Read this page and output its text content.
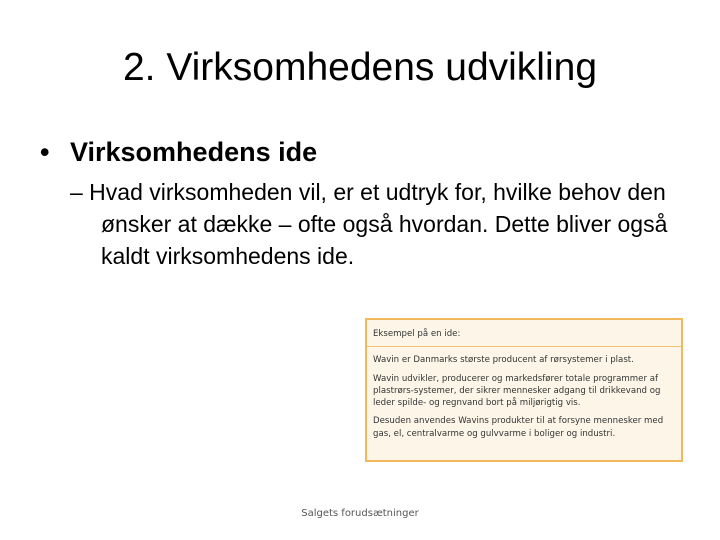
2. Virksomhedens udvikling
• Virksomhedens ide
– Hvad virksomheden vil, er et udtryk for, hvilke behov den ønsker at dække – ofte også hvordan. Dette bliver også kaldt virksomhedens ide.
Eksempel på en ide:

Wavin er Danmarks største producent af rørsystemer i plast.

Wavin udvikler, producerer og markedsfører totale programmer af plastrørs-systemer, der sikrer mennesker adgang til drikkevand og leder spilde- og regnvand bort på miljørigtig vis.

Desuden anvendes Wavins produkter til at forsyne mennesker med gas, el, centralvarme og gulvvarme i boliger og industri.

Salgets forudsætninger
